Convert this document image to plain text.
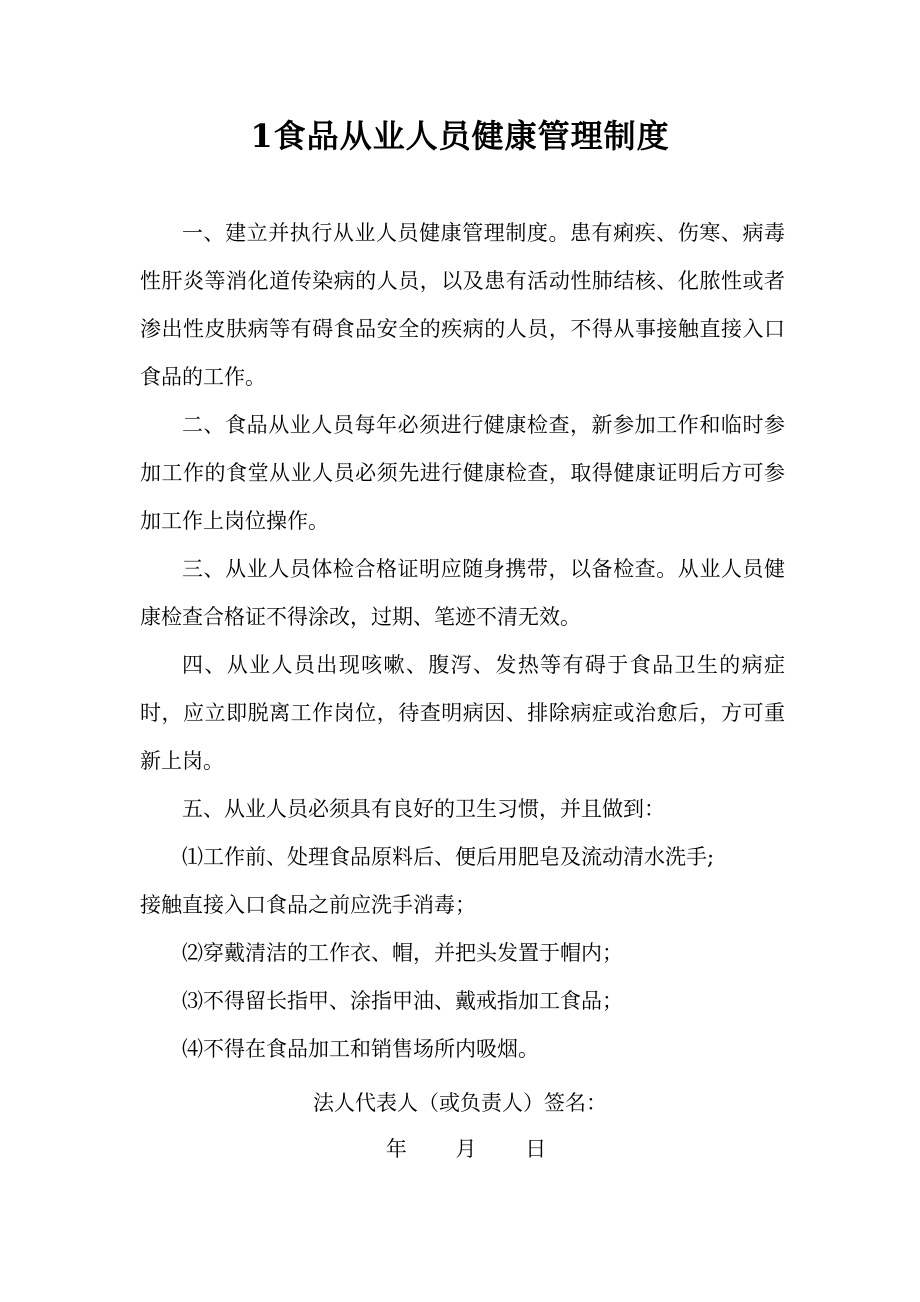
1食品从业人员健康管理制度

一、建立并执行从业人员健康管理制度。患有痢疾、伤寒、病毒性肝炎等消化道传染病的人员，以及患有活动性肺结核、化脓性或者渗出性皮肤病等有碍食品安全的疾病的人员，不得从事接触直接入口食品的工作。

二、食品从业人员每年必须进行健康检查，新参加工作和临时参加工作的食堂从业人员必须先进行健康检查，取得健康证明后方可参加工作上岗位操作。

三、从业人员体检合格证明应随身携带，以备检查。从业人员健康检查合格证不得涂改，过期、笔迹不清无效。

四、从业人员出现咳嗽、腹泻、发热等有碍于食品卫生的病症时，应立即脱离工作岗位，待查明病因、排除病症或治愈后，方可重新上岗。

五、从业人员必须具有良好的卫生习惯，并且做到：

⑴工作前、处理食品原料后、便后用肥皂及流动清水洗手;

接触直接入口食品之前应洗手消毒；

⑵穿戴清洁的工作衣、帽，并把头发置于帽内；

⑶不得留长指甲、涂指甲油、戴戒指加工食品；

⑷不得在食品加工和销售场所内吸烟。

法人代表人（或负责人）签名：

年 月 日
